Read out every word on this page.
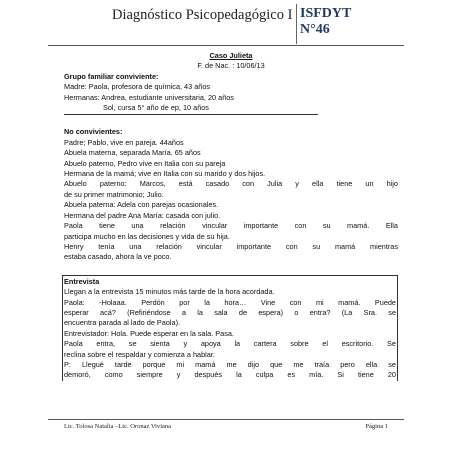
Diagnóstico Psicopedagógico I ISFDYT
N°46
Caso Julieta
F. de Nac. : 10/06/13
Grupo familiar conviviente:
Madre: Paola, profesora de química, 43 años
Hermanas: Andrea, estudiante universitaria, 20 años
Sol, cursa 5° año de ep, 10 años
No convivientes:
Padre; Pablo, vive en pareja. 44años
Abuela materna, separada María. 65 años
Abuelo paterno, Pedro vive en Italia con su pareja
Hermana de la mamá; vive en Italia con su marido y dos hijos.
Abuelo paterno: Marcos, está casado con Julia y ella tiene un hijo
de su primer matrimonio; Julio.
Abuela paterna: Adela con parejas ocasionales.
Hermana del padre Ana María: casada con julio.
Paola tiene una relación vincular importante con su mamá. Ella
participa mucho en las decisiones y vida de su hija.
Henry tenía una relación vincular importante con su mamá mientras
estaba casado, ahora la ve poco.
Entrevista
Llegan a la entrevista 15 minutos más tarde de la hora acordada.
Paola: -Holaaa. Perdón por la hora… Vine con mi mamá. Puede
esperar acá? (Refiriéndose a la sala de espera) o entra? (La Sra. se
encuentra parada al lado de Paola).
Entrevistador: Hola. Puede esperar en la sala. Pasa.
Paola entra, se sienta y apoya la cartera sobre el escritorio. Se
reclina sobre el respaldar y comienza a hablar.
P: Llegué tarde porque mi mamá me dijo que me traía pero ella se
demoró, como siempre y después la culpa es mía. Si tiene 20
Lic. Tolosa Natalia –Lic. Oronaz Viviana	Página 1
